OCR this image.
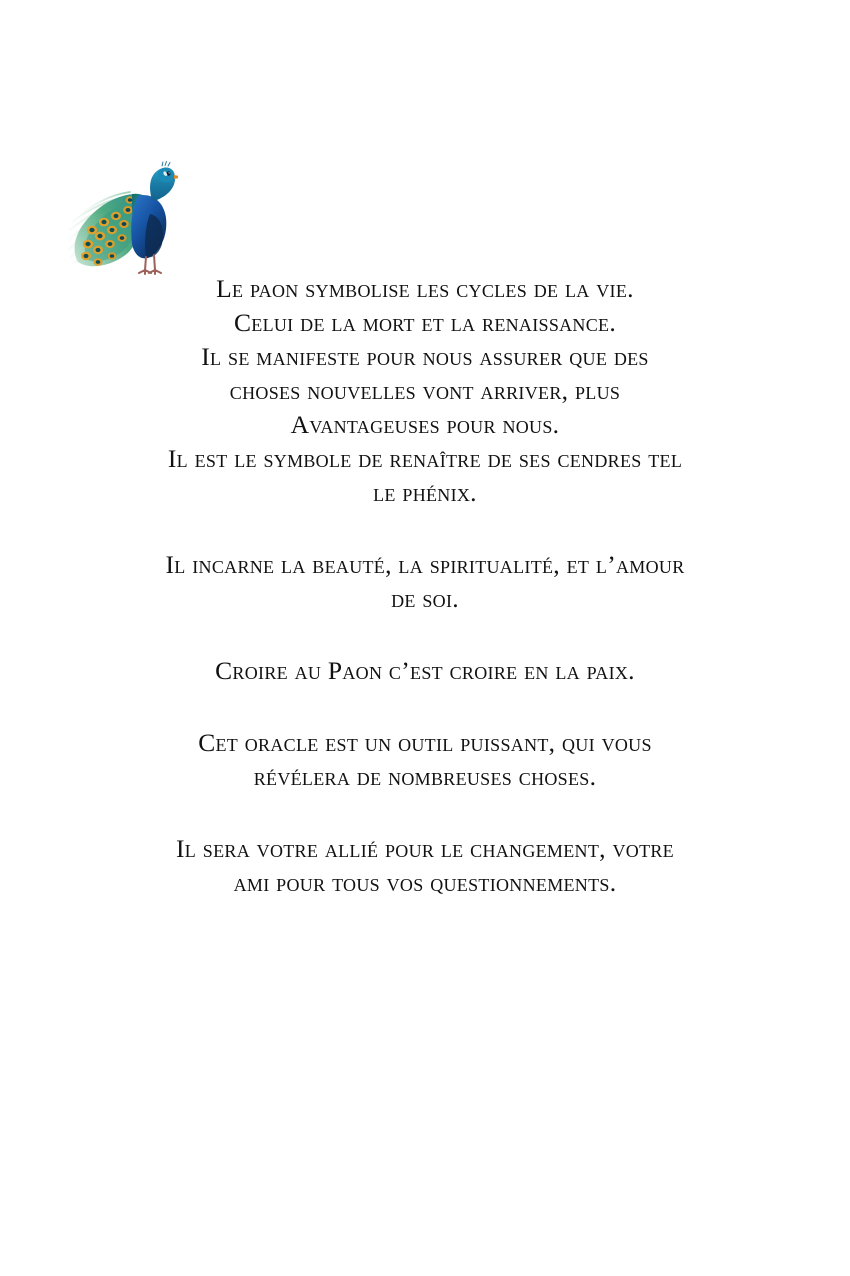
Le paon symbolise les cycles de la vie.
Celui de la mort et la renaissance.
Il se manifeste pour nous assurer que des
choses nouvelles vont arriver, plus
Avantageuses pour nous.
Il est le symbole de renaître de ses cendres tel
le phénix.

Il incarne la beauté, la spiritualité, et l’amour
de soi.

Croire au Paon c’est croire en la paix.

Cet oracle est un outil puissant, qui vous
révélera de nombreuses choses.

Il sera votre allié pour le changement, votre
ami pour tous vos questionnements.
